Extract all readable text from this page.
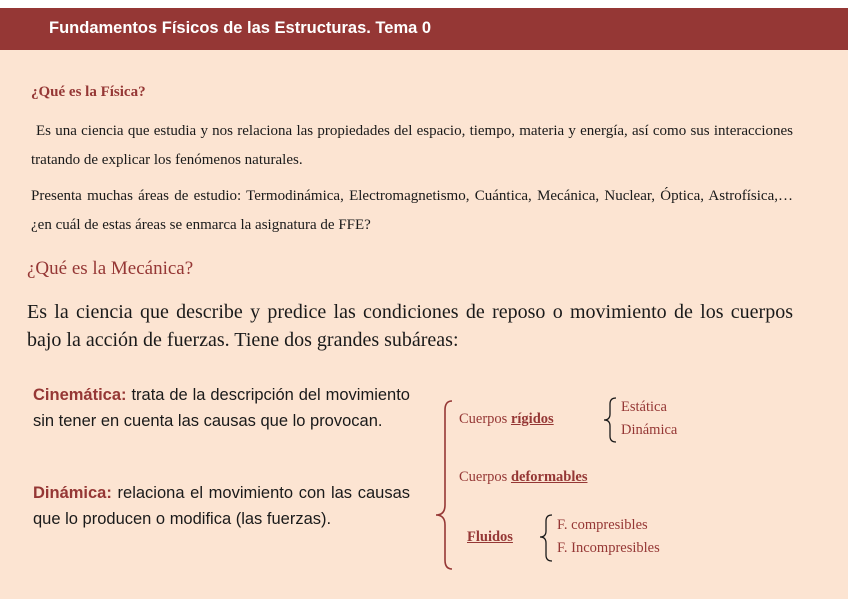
Fundamentos Físicos de las Estructuras. Tema 0

¿Qué es la Física?

Es una ciencia que estudia y nos relaciona las propiedades del espacio, tiempo, materia y energía, así como sus interacciones tratando de explicar los fenómenos naturales.

Presenta muchas áreas de estudio: Termodinámica, Electromagnetismo, Cuántica, Mecánica, Nuclear, Óptica, Astrofísica,… ¿en cuál de estas áreas se enmarca la asignatura de FFE?

¿Qué es la Mecánica?

Es la ciencia que describe y predice las condiciones de reposo o movimiento de los cuerpos bajo la acción de fuerzas. Tiene dos grandes subáreas:

Cinemática: trata de la descripción del movimiento sin tener en cuenta las causas que lo provocan.

Dinámica: relaciona el movimiento con las causas que lo producen o modifica (las fuerzas).

Cuerpos rígidos

Estática

Dinámica

Cuerpos deformables

Fluidos

F. compresibles

F. Incompresibles
